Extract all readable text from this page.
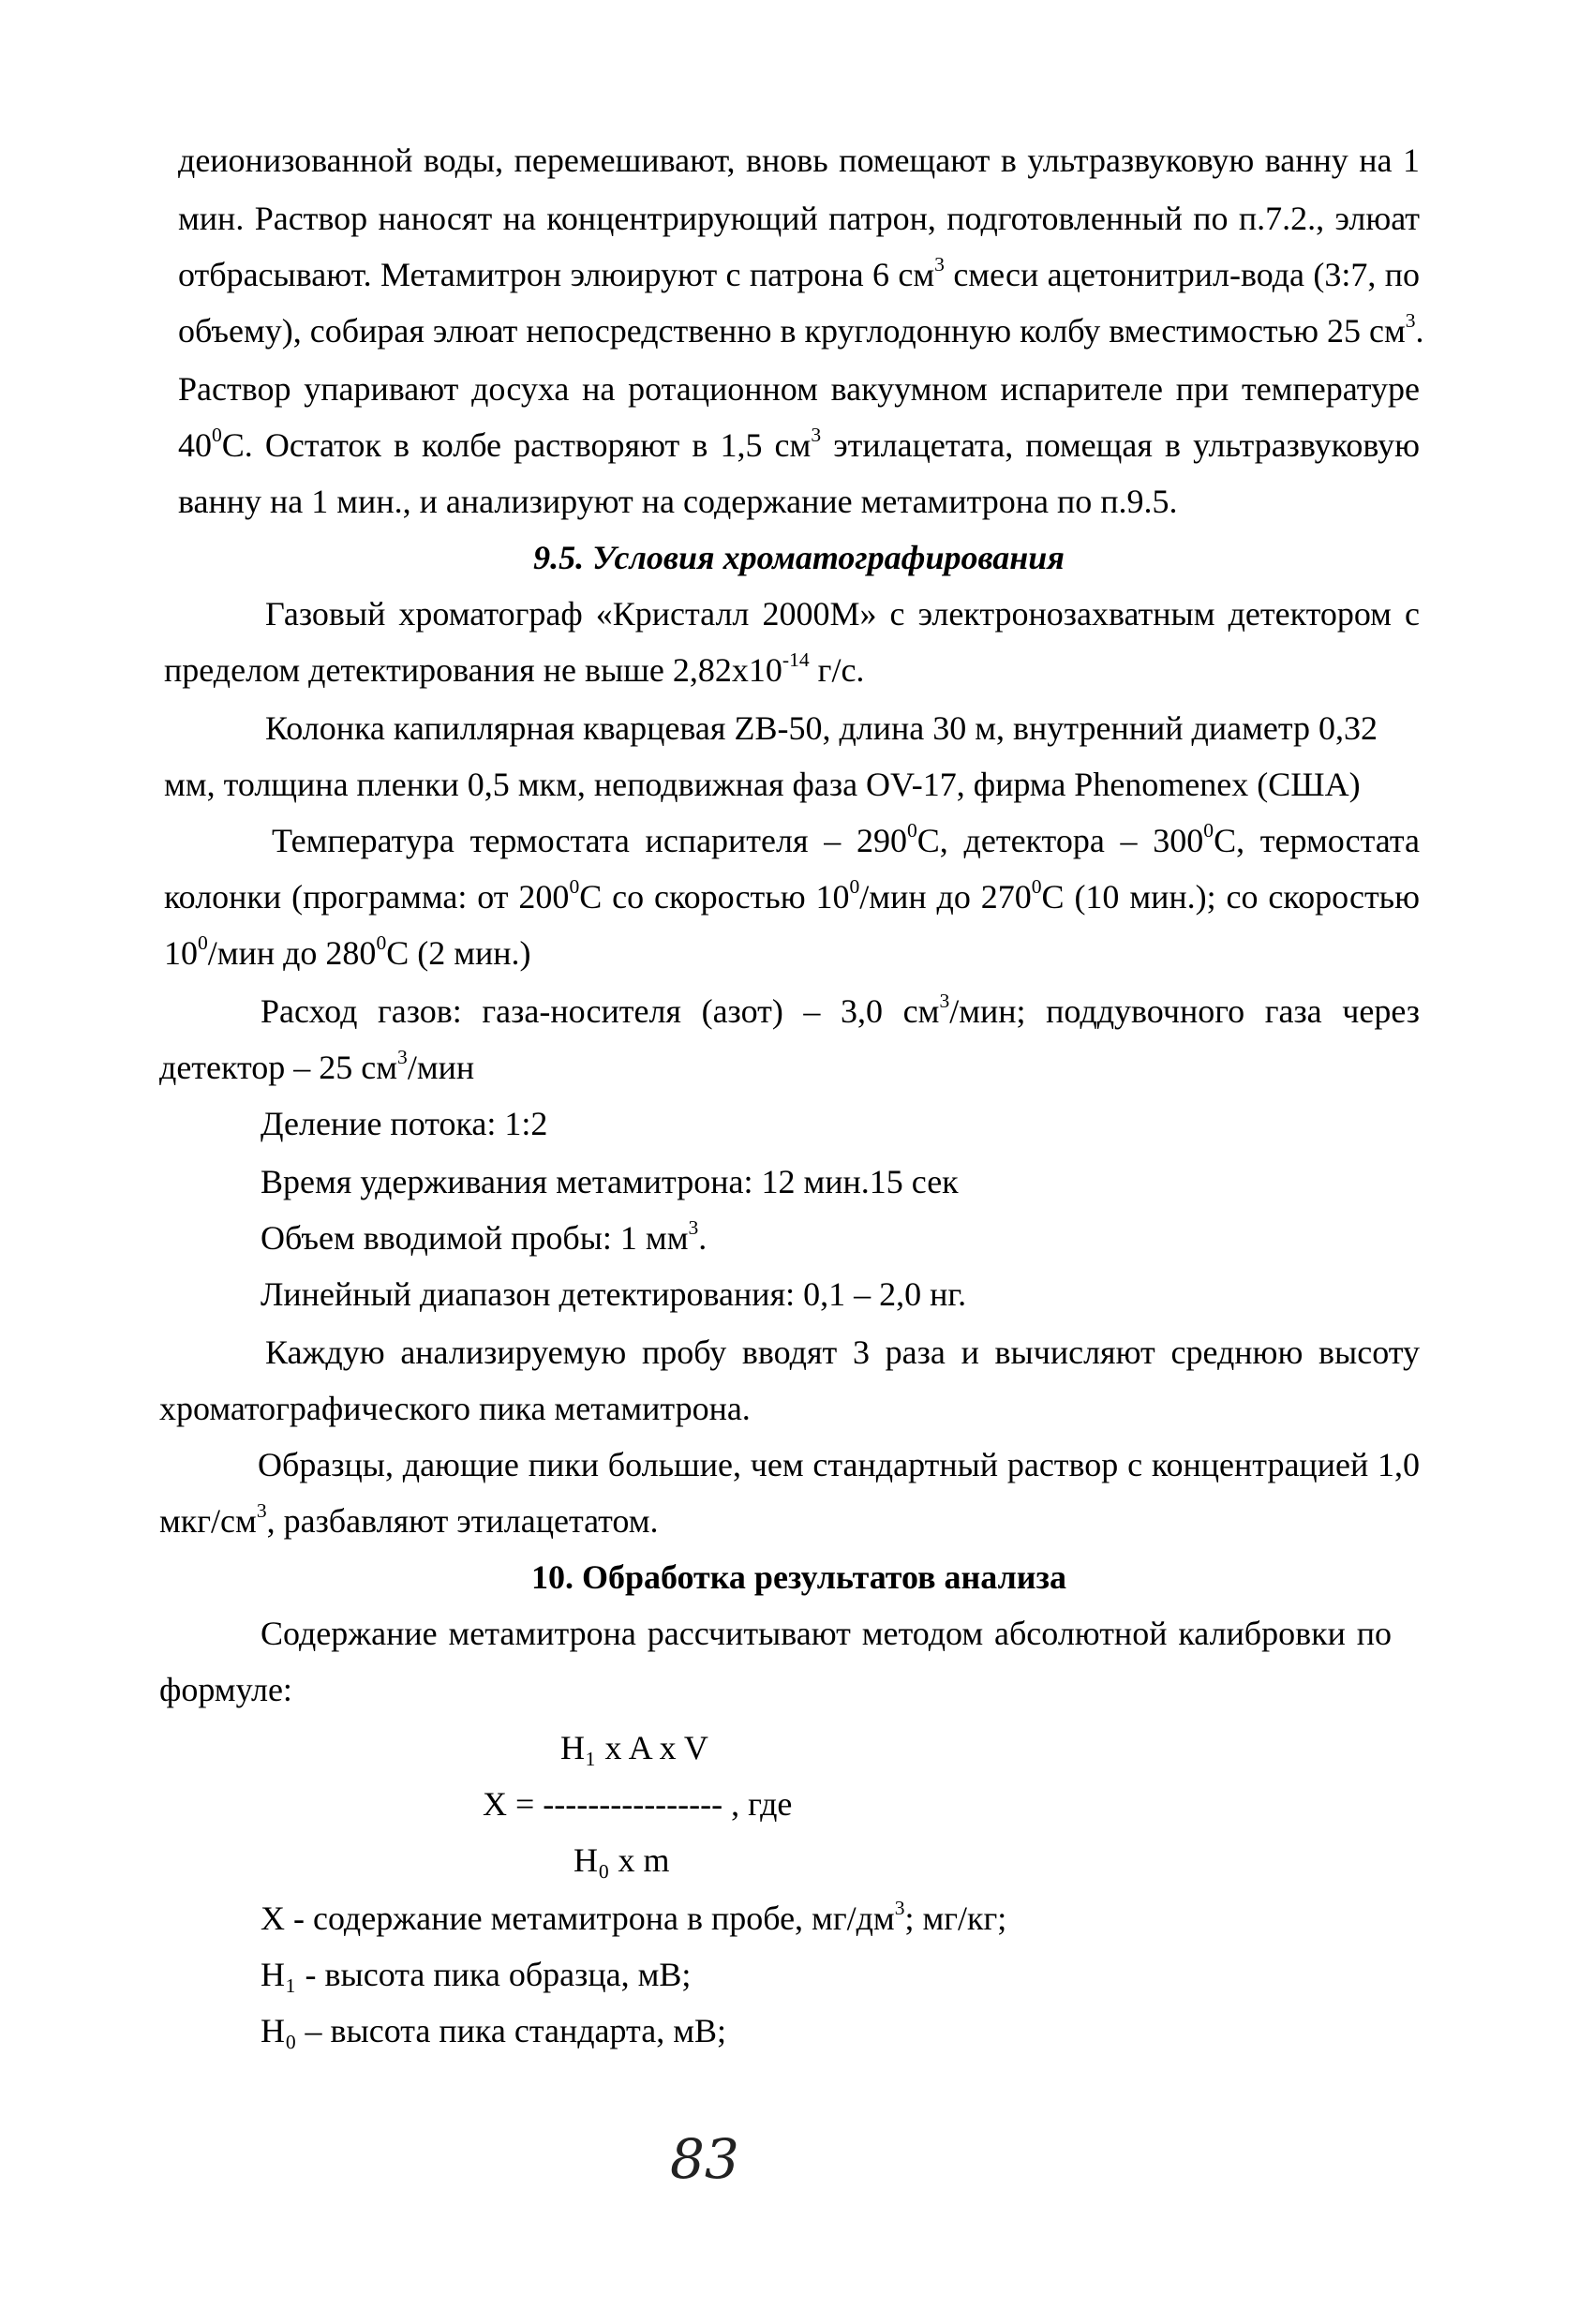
деионизованной воды, перемешивают, вновь помещают в ультразвуковую ванну на 1
мин. Раствор наносят на концентрирующий патрон, подготовленный по п.7.2., элюат
отбрасывают. Метамитрон элюируют с патрона 6 $см^3$ смеси ацетонитрил-вода (3:7, по
объему), собирая элюат непосредственно в круглодонную колбу вместимостью 25 $см^3$.
Раствор упаривают досуха на ротационном вакуумном испарителе при температуре
$40^0С$. Остаток в колбе растворяют в 1,5 $см^3$ этилацетата, помещая в ультразвуковую
ванну на 1 мин., и анализируют на содержание метамитрона по п.9.5.
9.5. Условия хроматографирования
Газовый хроматограф «Кристалл 2000М» с электронозахватным детектором с
пределом детектирования не выше $2,82х10^{-14}$ г/с.
Колонка капиллярная кварцевая ZB-50, длина 30 м, внутренний диаметр 0,32
мм, толщина пленки 0,5 мкм, неподвижная фаза OV-17, фирма Phenomenex (США)
Температура термостата испарителя – $290^0С$, детектора – $300^0С$, термостата
колонки (программа: от $200^0С$ со скоростью $10^0$/мин до $270^0С$ (10 мин.); со скоростью
$10^0$/мин до $280^0С$ (2 мин.)
Расход газов: газа-носителя (азот) – 3,0 $см^3$/мин; поддувочного газа через
детектор – 25 $см^3$/мин
Деление потока: 1:2
Время удерживания метамитрона: 12 мин.15 сек
Объем вводимой пробы: 1 $мм^3$.
Линейный диапазон детектирования: 0,1 – 2,0 нг.
Каждую анализируемую пробу вводят 3 раза и вычисляют среднюю высоту
хроматографического пика метамитрона.
Образцы, дающие пики большие, чем стандартный раствор с концентрацией 1,0
мкг/$см^3$, разбавляют этилацетатом.
10. Обработка результатов анализа
Содержание метамитрона рассчитывают методом абсолютной калибровки по
формуле:
H₁ x A x V
X = ---------------- , где
H₀ x m
X - содержание метамитрона в пробе, $мг/дм^3$; мг/кг;
H₁ - высота пика образца, мВ;
H₀ – высота пика стандарта, мВ;
83
